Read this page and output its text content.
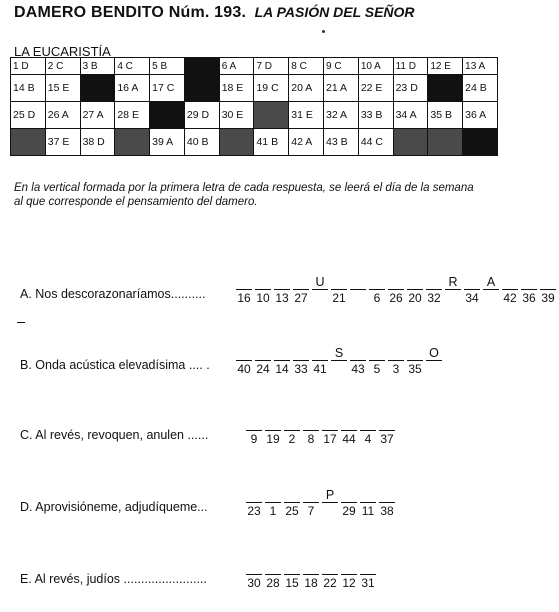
DAMERO BENDITO Núm. 193. LA PASIÓN DEL SEÑOR
LA EUCARISTÍA
1 D	2 C	3 B	4 C	5 B		6 A	7 D	8 C	9 C	10 A	11 D	12 E	13 A
14 B	15 E		16 A	17 C		18 E	19 C	20 A	21 A	22 E	23 D		24 B
25 D	26 A	27 A	28 E		29 D	30 E		31 E	32 A	33 B	34 A	35 B	36 A
	37 E	38 D		39 A	40 B		41 B	42 A	43 B	44 C			
En la vertical formada por la primera letra de cada respuesta, se leerá el día de la semana al que corresponde el pensamiento del damero.
A. Nos descorazonaríamos..........	16 10 13 27
U
21	6 26 20 32
R
34
A
42 36 39
B. Onda acústica elevadísima .... . 40 24 14 33 41
S
43 5	3 35
O
C. Al revés, revoquen, anulen ......	9 19 2	8 17 44 4 37
D. Aprovisióneme, adjudíqueme...	23 1 25 7
P
29 11 38
E. Al revés, judíos ........................	30 28 15 18 22 12 31
